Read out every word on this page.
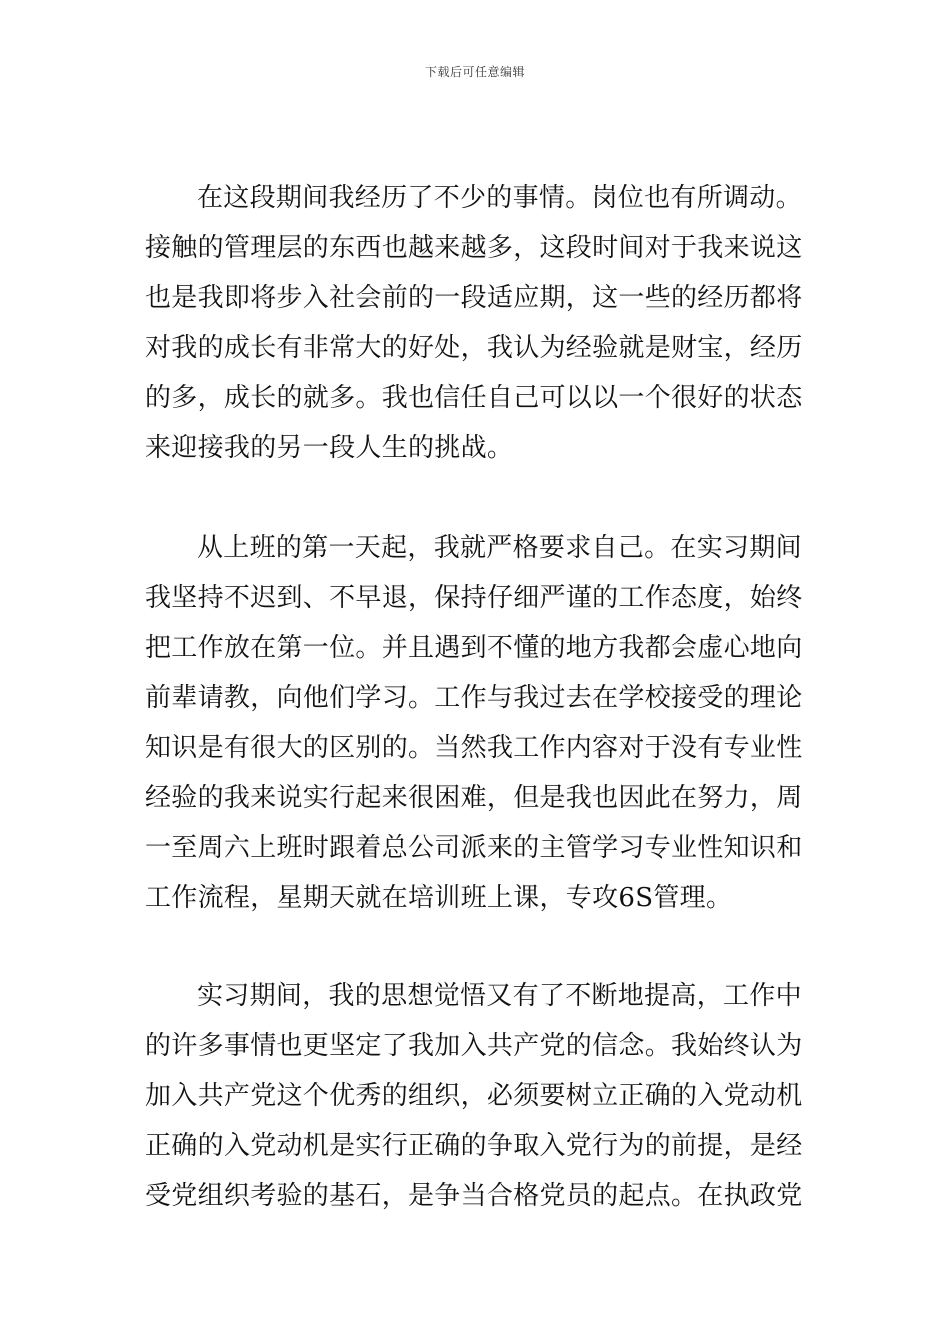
下载后可任意编辑
在这段期间我经历了不少的事情。岗位也有所调动。
接触的管理层的东西也越来越多，这段时间对于我来说这
也是我即将步入社会前的一段适应期，这一些的经历都将
对我的成长有非常大的好处，我认为经验就是财宝，经历
的多，成长的就多。我也信任自己可以以一个很好的状态
来迎接我的另一段人生的挑战。
从上班的第一天起，我就严格要求自己。在实习期间
我坚持不迟到、不早退，保持仔细严谨的工作态度，始终
把工作放在第一位。并且遇到不懂的地方我都会虚心地向
前辈请教，向他们学习。工作与我过去在学校接受的理论
知识是有很大的区别的。当然我工作内容对于没有专业性
经验的我来说实行起来很困难，但是我也因此在努力，周
一至周六上班时跟着总公司派来的主管学习专业性知识和
工作流程，星期天就在培训班上课，专攻6S管理。
实习期间，我的思想觉悟又有了不断地提高，工作中
的许多事情也更坚定了我加入共产党的信念。我始终认为
加入共产党这个优秀的组织，必须要树立正确的入党动机
正确的入党动机是实行正确的争取入党行为的前提，是经
受党组织考验的基石，是争当合格党员的起点。在执政党
